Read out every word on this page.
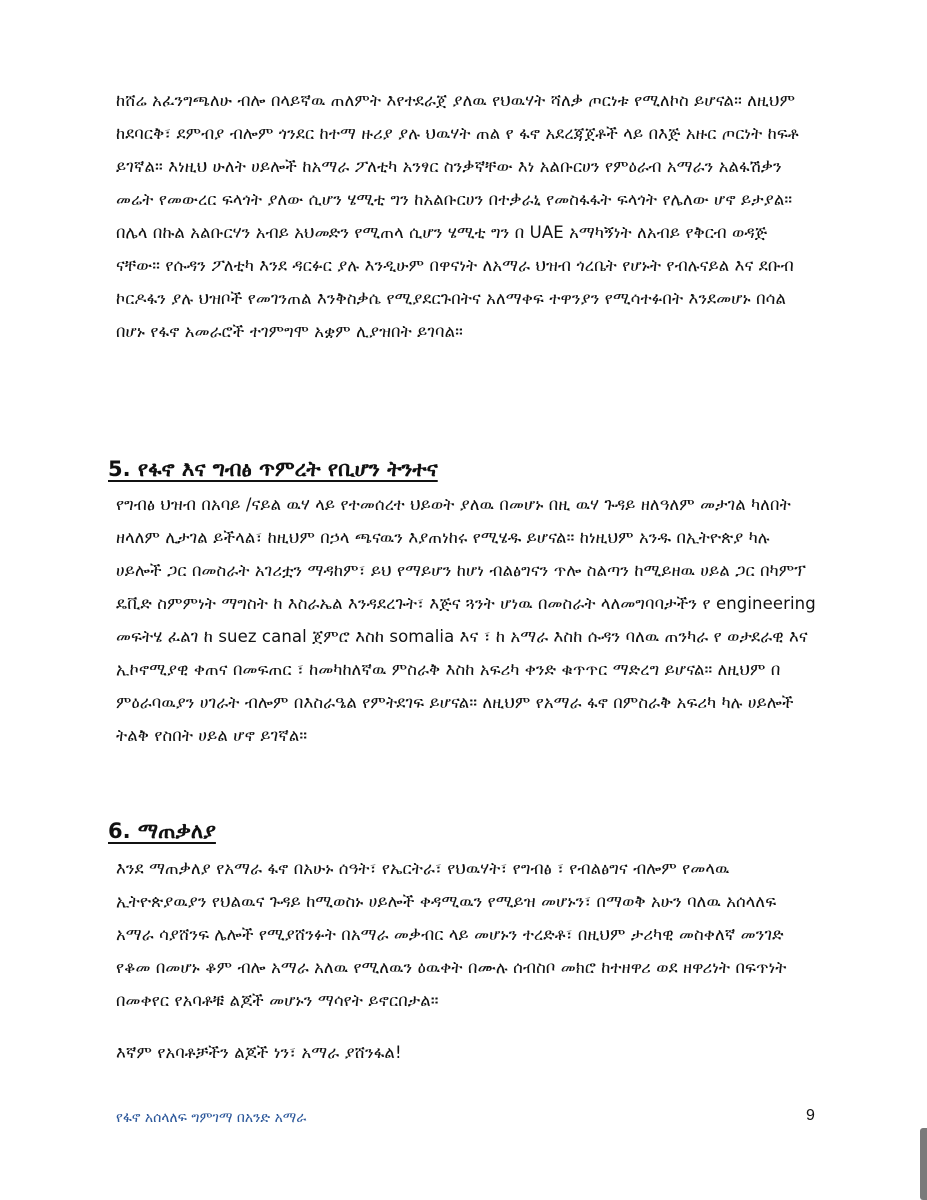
ከሸሬ አፈንግጫለሁ ብሎ በላይኛዉ ጠለምት እየተደራጀ ያለዉ የህዉሃት ሻለቃ ጦርነቱ የሚለኮስ ይሆናል። ለዚህም ከደባርቅ፣ ደምብያ ብሎም ጎንደር ከተማ ዙሪያ ያሉ ህዉሃት ጠል የ ፋኖ አደረጃጀቶች ላይ በእጅ አዙር ጦርነት ከፍቶ ይገኛል። እነዚህ ሁለት ሀይሎች ከአማራ ፖለቲካ አንፃር ስንቃኛቸው እነ አልቡርሀን የምዕራብ አማራን አልፋሽቃን መሬት የመውረር ፍላጎት ያለው ሲሆን ሄሚቲ ግን ከአልቡርሀን በተቃራኒ የመስፋፋት ፍላጎት የሌለው ሆኖ ይታያል። በሌላ በኩል አልቡርሃን አብይ አህመድን የሚጠላ ሲሆን ሄሚቲ ግን በ UAE አማካኝነት ለአብይ የቅርብ ወዳጅ ናቸው። የሱዳን ፖለቲካ እንደ ዳርፉር ያሉ እንዲሁም በዋናነት ለአማራ ህዝብ ጎረቤት የሆኑት የብሉናይል እና ደቡብ ኮርዶፋን ያሉ ህዝቦች የመገንጠል እንቅስቃሴ የሚያደርጉበትና አለማቀፍ ተዋንያን የሚሳተፉበት እንደመሆኑ በሳል በሆኑ የፋኖ አመራሮች ተገምግሞ አቋም ሊያዝበት ይገባል።

5. የፋኖ እና ግብፅ ጥምረት የቢሆን ትንተና

የግብፅ ህዝብ በአባይ /ናይል ዉሃ ላይ የተመሰረተ ህይወት ያለዉ በመሆኑ በዚ ዉሃ ጉዳይ ዘለዓለም መታገል ካለበት ዘላለም ሊታገል ይችላል፣ ከዚህም በኃላ ጫናዉን እያጠነከሩ የሚሄዱ ይሆናል። ከነዚህም አንዱ በኢትዮጵያ ካሉ ሀይሎች ጋር በመስራት አገሪቷን ማዳከም፣ ይህ የማይሆን ከሆነ ብልፅግናን ጥሎ ስልጣን ከሚይዘዉ ሀይል ጋር በካምፕ ዴቪድ ስምምነት ማግስት ከ እስራኤል እንዳደረጉት፣ እጅና ጓንት ሆነዉ በመስራት ላለመግባባታችን የ engineering መፍትሄ ፈልገ ከ suez canal ጀምሮ እስከ somalia እና ፣ ከ አማራ እስከ ሱዳን ባለዉ ጠንካራ የ ወታደራዊ እና ኢኮኖሚያዊ ቀጠና በመፍጠር ፣ ከመካከለኛዉ ምስራቅ እስከ አፍሪካ ቀንድ ቁጥጥር ማድረግ ይሆናል። ለዚህም በ ምዕራባዉያን ሀገራት ብሎም በእስራዔል የምትደገፍ ይሆናል። ለዚህም የአማራ ፋኖ በምስራቅ አፍሪካ ካሉ ሀይሎች ትልቅ የስበት ሀይል ሆኖ ይገኛል።

6. ማጠቃለያ

እንደ ማጠቃለያ የአማራ ፋኖ በአሁኑ ሰዓት፣ የኤርትራ፣ የህዉሃት፣ የግብፅ ፣ የብልፅግና ብሎም የመላዉ ኢትዮጵያዉያን የህልዉና ጉዳይ ከሚወስኑ ሀይሎች ቀዳሚዉን የሚይዝ መሆኑን፣ በማወቅ አሁን ባለዉ አሰላለፍ አማራ ሳያሸንፍ ሌሎች የሚያሸንፉት በአማራ መቃብር ላይ መሆኑን ተረድቶ፣ በዚህም ታሪካዊ መስቀለኛ መንገድ የቆመ በመሆኑ ቆም ብሎ አማራ አለዉ የሚለዉን ዕዉቀት በሙሉ ሰብስቦ መክሮ ከተዘዋሪ ወደ ዘዋሪነት በፍጥነት በመቀየር የአባቶቹ ልጆች መሆኑን ማሳየት ይኖርበታል።

እኛም የአባቶቻችን ልጆች ነን፣ አማራ ያሸንፋል!

የፋኖ አሰላለፍ ግምገማ በአንድ አማራ	9
